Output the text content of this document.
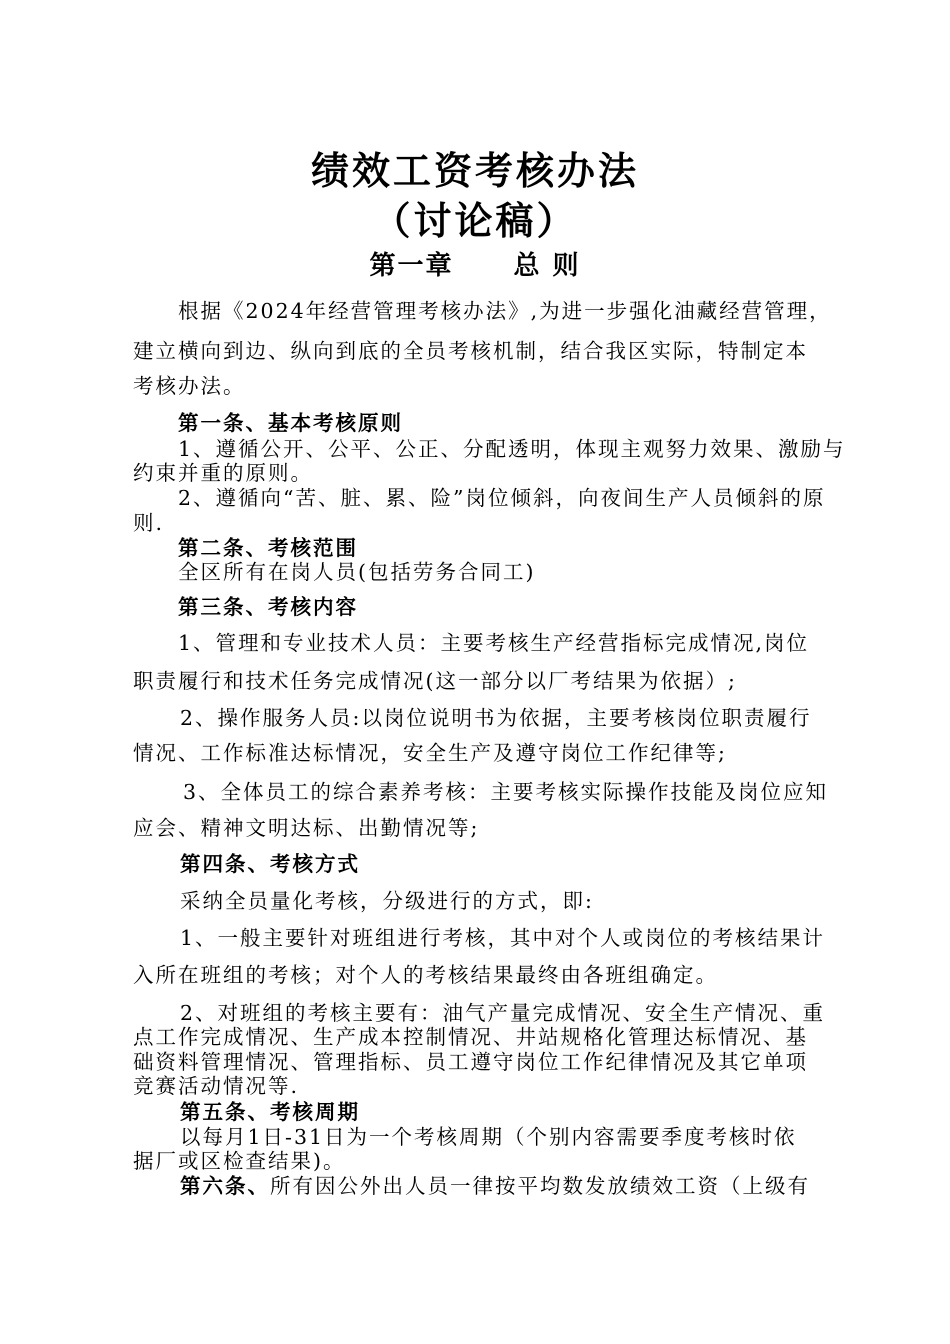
绩效工资考核办法
（讨论稿）
第一章 总 则
根据《2024年经营管理考核办法》,为进一步强化油藏经营管理，
建立横向到边、纵向到底的全员考核机制，结合我区实际，特制定本
考核办法。
第一条、基本考核原则
1、遵循公开、公平、公正、分配透明，体现主观努力效果、激励与
约束并重的原则。
2、遵循向“苦、脏、累、险”岗位倾斜，向夜间生产人员倾斜的原
则.
第二条、考核范围
全区所有在岗人员(包括劳务合同工)
第三条、考核内容
1、管理和专业技术人员：主要考核生产经营指标完成情况,岗位
职责履行和技术任务完成情况(这一部分以厂考结果为依据）;
2、操作服务人员:以岗位说明书为依据，主要考核岗位职责履行
情况、工作标准达标情况，安全生产及遵守岗位工作纪律等;
3、全体员工的综合素养考核：主要考核实际操作技能及岗位应知
应会、精神文明达标、出勤情况等;
第四条、考核方式
采纳全员量化考核，分级进行的方式，即:
1、一般主要针对班组进行考核，其中对个人或岗位的考核结果计
入所在班组的考核；对个人的考核结果最终由各班组确定。
2、对班组的考核主要有：油气产量完成情况、安全生产情况、重
点工作完成情况、生产成本控制情况、井站规格化管理达标情况、基
础资料管理情况、管理指标、员工遵守岗位工作纪律情况及其它单项
竞赛活动情况等.
第五条、考核周期
以每月1日-31日为一个考核周期（个别内容需要季度考核时依
据厂或区检查结果)。
第六条、所有因公外出人员一律按平均数发放绩效工资（上级有
